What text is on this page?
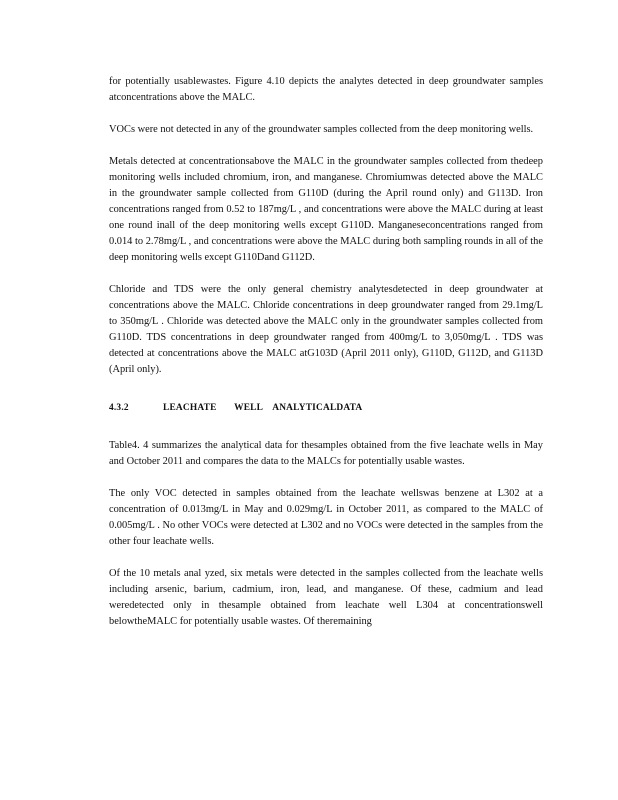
for potentially usablewastes. Figure 4.10 depicts the analytes detected in deep groundwater samples atconcentrations above the MALC.

VOCs were not detected in any of the groundwater samples collected from the deep monitoring wells.

Metals detected at concentrationsabove the MALC in the groundwater samples collected from thedeep monitoring wells included chromium, iron, and manganese. Chromiumwas detected above the MALC in the groundwater sample collected from G110D (during the April round only) and G113D. Iron concentrations ranged from 0.52 to 187mg/L , and concentrations were above the MALC during at least one round inall of the deep monitoring wells except G110D. Manganeseconcentrations ranged from 0.014 to 2.78mg/L , and concentrations were above the MALC during both sampling rounds in all of the deep monitoring wells except G110Dand G112D.

Chloride and TDS were the only general chemistry analytesdetected in deep groundwater at concentrations above the MALC. Chloride concentrations in deep groundwater ranged from 29.1mg/L to 350mg/L . Chloride was detected above the MALC only in the groundwater samples collected from G110D. TDS concentrations in deep groundwater ranged from 400mg/L to 3,050mg/L . TDS was detected at concentrations above the MALC atG103D (April 2011 only), G110D, G112D, and G113D (April only).

4.3.2	LEACHATE       WELL    ANALYTICALDATA

Table4. 4 summarizes the analytical data for thesamples obtained from the five leachate wells in May and October 2011 and compares the data to the MALCs for potentially usable wastes.

The only VOC detected in samples obtained from the leachate wellswas benzene at L302 at a concentration of 0.013mg/L in May and 0.029mg/L in October 2011, as compared to the MALC of 0.005mg/L . No other VOCs were detected at L302 and no VOCs were detected in the samples from the other four leachate wells.

Of the 10 metals anal yzed, six metals were detected in the samples collected from the leachate wells including arsenic, barium, cadmium, iron, lead, and manganese. Of these, cadmium and lead weredetected only in thesample obtained from leachate well L304 at concentrationswell belowtheMALC for potentially usable wastes. Of theremaining
